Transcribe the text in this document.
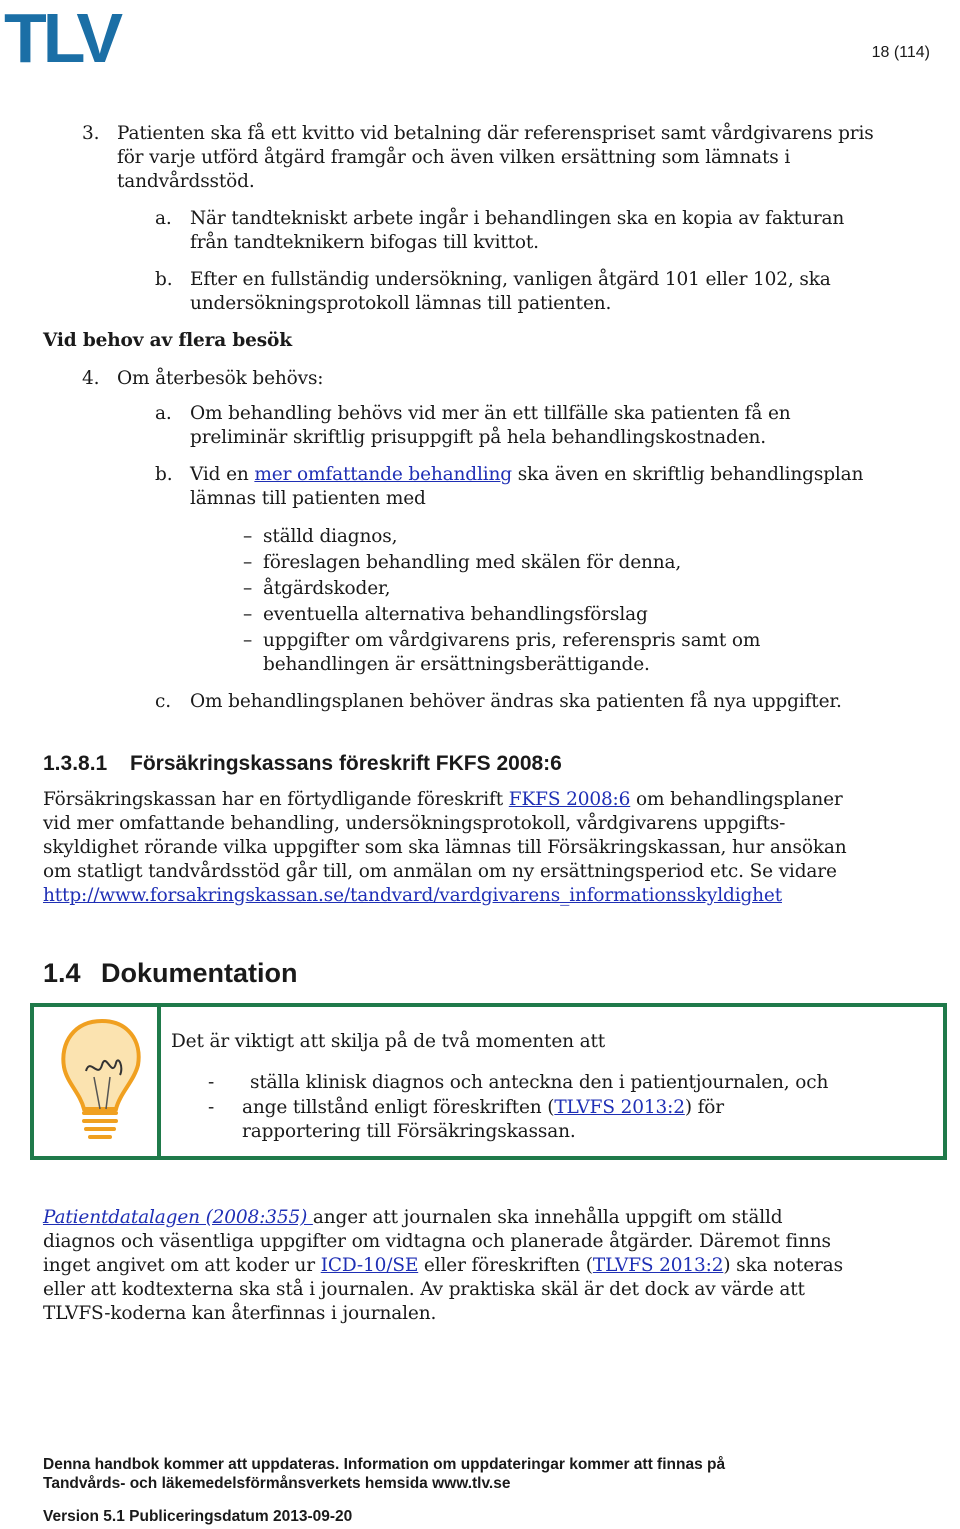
TLV	18 (114)
3. Patienten ska få ett kvitto vid betalning där referenspriset samt vårdgivarens pris
för varje utförd åtgärd framgår och även vilken ersättning som lämnats i
tandvårdsstöd.
a. När tandtekniskt arbete ingår i behandlingen ska en kopia av fakturan
från tandteknikern bifogas till kvittot.
b. Efter en fullständig undersökning, vanligen åtgärd 101 eller 102, ska
undersökningsprotokoll lämnas till patienten.
Vid behov av flera besök
4. Om återbesök behövs:
a. Om behandling behövs vid mer än ett tillfälle ska patienten få en
preliminär skriftlig prisuppgift på hela behandlingskostnaden.
b. Vid en mer omfattande behandling ska även en skriftlig behandlingsplan
lämnas till patienten med
– ställd diagnos,
– föreslagen behandling med skälen för denna,
– åtgärdskoder,
– eventuella alternativa behandlingsförslag
– uppgifter om vårdgivarens pris, referenspris samt om
behandlingen är ersättningsberättigande.
c. Om behandlingsplanen behöver ändras ska patienten få nya uppgifter.
1.3.8.1 Försäkringskassans föreskrift FKFS 2008:6
Försäkringskassan har en förtydligande föreskrift FKFS 2008:6 om behandlingsplaner
vid mer omfattande behandling, undersökningsprotokoll, vårdgivarens uppgifts-
skyldighet rörande vilka uppgifter som ska lämnas till Försäkringskassan, hur ansökan
om statligt tandvårdsstöd går till, om anmälan om ny ersättningsperiod etc. Se vidare
http://www.forsakringskassan.se/tandvard/vardgivarens_informationsskyldighet
1.4 Dokumentation
Det är viktigt att skilja på de två momenten att
- ställa klinisk diagnos och anteckna den i patientjournalen, och
- ange tillstånd enligt föreskriften (TLVFS 2013:2) för
rapportering till Försäkringskassan.
Patientdatalagen (2008:355) anger att journalen ska innehålla uppgift om ställd
diagnos och väsentliga uppgifter om vidtagna och planerade åtgärder. Däremot finns
inget angivet om att koder ur ICD-10/SE eller föreskriften (TLVFS 2013:2) ska noteras
eller att kodtexterna ska stå i journalen. Av praktiska skäl är det dock av värde att
TLVFS-koderna kan återfinnas i journalen.
Denna handbok kommer att uppdateras. Information om uppdateringar kommer att finnas på
Tandvårds- och läkemedelsförmånsverkets hemsida www.tlv.se
Version 5.1 Publiceringsdatum 2013-09-20
